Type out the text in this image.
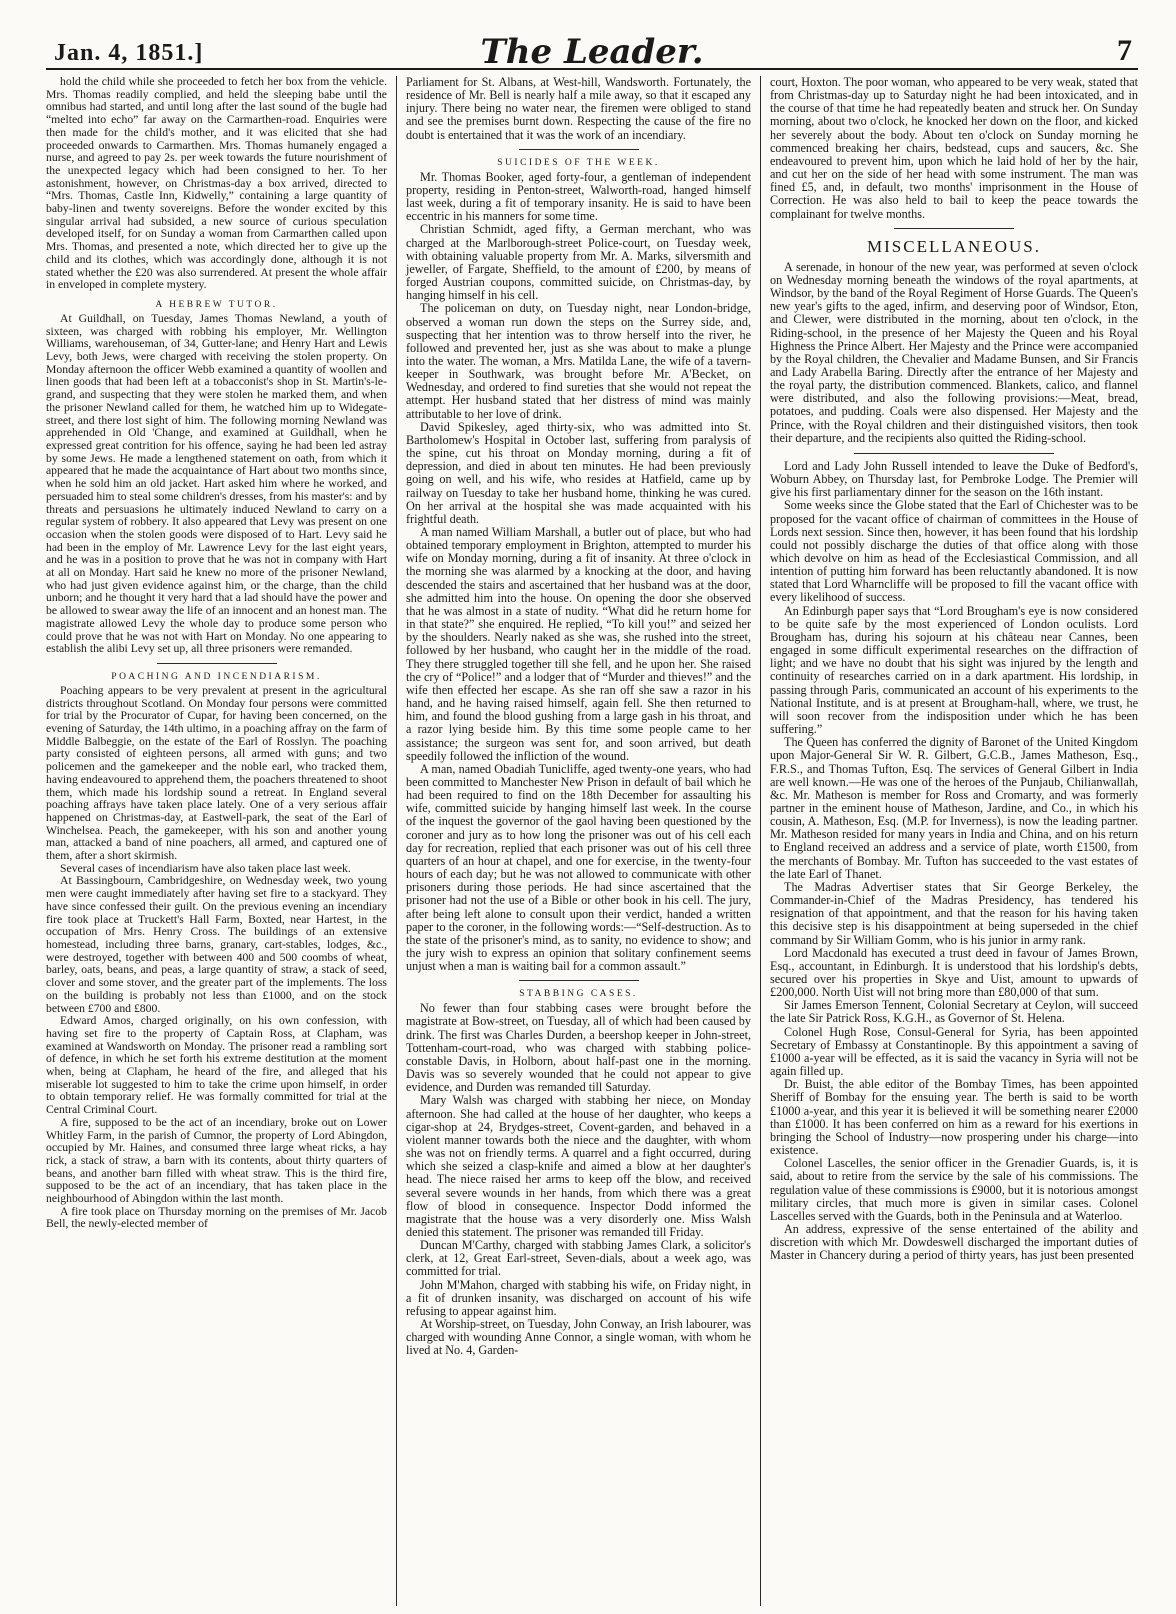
Jan. 4, 1851.]	The Leader.	7

hold the child while she proceeded to fetch her box from the vehicle. Mrs. Thomas readily complied, and held the sleeping babe until the omnibus had started, and until long after the last sound of the bugle had “melted into echo” far away on the Carmarthen-road. Enquiries were then made for the child's mother, and it was elicited that she had proceeded onwards to Carmarthen. Mrs. Thomas humanely engaged a nurse, and agreed to pay 2s. per week towards the future nourishment of the unexpected legacy which had been consigned to her. To her astonishment, however, on Christmas-day a box arrived, directed to “Mrs. Thomas, Castle Inn, Kidwelly,” containing a large quantity of baby-linen and twenty sovereigns. Before the wonder excited by this singular arrival had subsided, a new source of curious speculation developed itself, for on Sunday a woman from Carmarthen called upon Mrs. Thomas, and presented a note, which directed her to give up the child and its clothes, which was accordingly done, although it is not stated whether the £20 was also surrendered. At present the whole affair in enveloped in complete mystery.

A HEBREW TUTOR.

At Guildhall, on Tuesday, James Thomas Newland, a youth of sixteen, was charged with robbing his employer, Mr. Wellington Williams, warehouseman, of 34, Gutter-lane; and Henry Hart and Lewis Levy, both Jews, were charged with receiving the stolen property. On Monday afternoon the officer Webb examined a quantity of woollen and linen goods that had been left at a tobacconist's shop in St. Martin's-le-grand, and suspecting that they were stolen he marked them, and when the prisoner Newland called for them, he watched him up to Widegate-street, and there lost sight of him. The following morning Newland was apprehended in Old 'Change, and examined at Guildhall, when he expressed great contrition for his offence, saying he had been led astray by some Jews. He made a lengthened statement on oath, from which it appeared that he made the acquaintance of Hart about two months since, when he sold him an old jacket. Hart asked him where he worked, and persuaded him to steal some children's dresses, from his master's: and by threats and persuasions he ultimately induced Newland to carry on a regular system of robbery. It also appeared that Levy was present on one occasion when the stolen goods were disposed of to Hart. Levy said he had been in the employ of Mr. Lawrence Levy for the last eight years, and he was in a position to prove that he was not in company with Hart at all on Monday. Hart said he knew no more of the prisoner Newland, who had just given evidence against him, or the charge, than the child unborn; and he thought it very hard that a lad should have the power and be allowed to swear away the life of an innocent and an honest man. The magistrate allowed Levy the whole day to produce some person who could prove that he was not with Hart on Monday. No one appearing to establish the alibi Levy set up, all three prisoners were remanded.

POACHING AND INCENDIARISM.

Poaching appears to be very prevalent at present in the agricultural districts throughout Scotland. On Monday four persons were committed for trial by the Procurator of Cupar, for having been concerned, on the evening of Saturday, the 14th ultimo, in a poaching affray on the farm of Middle Balbeggie, on the estate of the Earl of Rosslyn. The poaching party consisted of eighteen persons, all armed with guns; and two policemen and the gamekeeper and the noble earl, who tracked them, having endeavoured to apprehend them, the poachers threatened to shoot them, which made his lordship sound a retreat. In England several poaching affrays have taken place lately. One of a very serious affair happened on Christmas-day, at Eastwell-park, the seat of the Earl of Winchelsea. Peach, the gamekeeper, with his son and another young man, attacked a band of nine poachers, all armed, and captured one of them, after a short skirmish.

Several cases of incendiarism have also taken place last week.

At Bassingbourn, Cambridgeshire, on Wednesday week, two young men were caught immediately after having set fire to a stackyard. They have since confessed their guilt. On the previous evening an incendiary fire took place at Truckett's Hall Farm, Boxted, near Hartest, in the occupation of Mrs. Henry Cross. The buildings of an extensive homestead, including three barns, granary, cart-stables, lodges, &c., were destroyed, together with between 400 and 500 coombs of wheat, barley, oats, beans, and peas, a large quantity of straw, a stack of seed, clover and some stover, and the greater part of the implements. The loss on the building is probably not less than £1000, and on the stock between £700 and £800.

Edward Amos, charged originally, on his own confession, with having set fire to the property of Captain Ross, at Clapham, was examined at Wandsworth on Monday. The prisoner read a rambling sort of defence, in which he set forth his extreme destitution at the moment when, being at Clapham, he heard of the fire, and alleged that his miserable lot suggested to him to take the crime upon himself, in order to obtain temporary relief. He was formally committed for trial at the Central Criminal Court.

A fire, supposed to be the act of an incendiary, broke out on Lower Whitley Farm, in the parish of Cumnor, the property of Lord Abingdon, occupied by Mr. Haines, and consumed three large wheat ricks, a hay rick, a stack of straw, a barn with its contents, about thirty quarters of beans, and another barn filled with wheat straw. This is the third fire, supposed to be the act of an incendiary, that has taken place in the neighbourhood of Abingdon within the last month.

A fire took place on Thursday morning on the premises of Mr. Jacob Bell, the newly-elected member of

Parliament for St. Albans, at West-hill, Wandsworth. Fortunately, the residence of Mr. Bell is nearly half a mile away, so that it escaped any injury. There being no water near, the firemen were obliged to stand and see the premises burnt down. Respecting the cause of the fire no doubt is entertained that it was the work of an incendiary.

SUICIDES OF THE WEEK.

Mr. Thomas Booker, aged forty-four, a gentleman of independent property, residing in Penton-street, Walworth-road, hanged himself last week, during a fit of temporary insanity. He is said to have been eccentric in his manners for some time.

Christian Schmidt, aged fifty, a German merchant, who was charged at the Marlborough-street Police-court, on Tuesday week, with obtaining valuable property from Mr. A. Marks, silversmith and jeweller, of Fargate, Sheffield, to the amount of £200, by means of forged Austrian coupons, committed suicide, on Christmas-day, by hanging himself in his cell.

The policeman on duty, on Tuesday night, near London-bridge, observed a woman run down the steps on the Surrey side, and, suspecting that her intention was to throw herself into the river, he followed and prevented her, just as she was about to make a plunge into the water. The woman, a Mrs. Matilda Lane, the wife of a tavern-keeper in Southwark, was brought before Mr. A'Becket, on Wednesday, and ordered to find sureties that she would not repeat the attempt. Her husband stated that her distress of mind was mainly attributable to her love of drink.

David Spikesley, aged thirty-six, who was admitted into St. Bartholomew's Hospital in October last, suffering from paralysis of the spine, cut his throat on Monday morning, during a fit of depression, and died in about ten minutes. He had been previously going on well, and his wife, who resides at Hatfield, came up by railway on Tuesday to take her husband home, thinking he was cured. On her arrival at the hospital she was made acquainted with his frightful death.

A man named William Marshall, a butler out of place, but who had obtained temporary employment in Brighton, attempted to murder his wife on Monday morning, during a fit of insanity. At three o'clock in the morning she was alarmed by a knocking at the door, and having descended the stairs and ascertained that her husband was at the door, she admitted him into the house. On opening the door she observed that he was almost in a state of nudity. “What did he return home for in that state?” she enquired. He replied, “To kill you!” and seized her by the shoulders. Nearly naked as she was, she rushed into the street, followed by her husband, who caught her in the middle of the road. They there struggled together till she fell, and he upon her. She raised the cry of “Police!” and a lodger that of “Murder and thieves!” and the wife then effected her escape. As she ran off she saw a razor in his hand, and he having raised himself, again fell. She then returned to him, and found the blood gushing from a large gash in his throat, and a razor lying beside him. By this time some people came to her assistance; the surgeon was sent for, and soon arrived, but death speedily followed the infliction of the wound.

A man, named Obadiah Tunicliffe, aged twenty-one years, who had been committed to Manchester New Prison in default of bail which he had been required to find on the 18th December for assaulting his wife, committed suicide by hanging himself last week. In the course of the inquest the governor of the gaol having been questioned by the coroner and jury as to how long the prisoner was out of his cell each day for recreation, replied that each prisoner was out of his cell three quarters of an hour at chapel, and one for exercise, in the twenty-four hours of each day; but he was not allowed to communicate with other prisoners during those periods. He had since ascertained that the prisoner had not the use of a Bible or other book in his cell. The jury, after being left alone to consult upon their verdict, handed a written paper to the coroner, in the following words:—“Self-destruction. As to the state of the prisoner's mind, as to sanity, no evidence to show; and the jury wish to express an opinion that solitary confinement seems unjust when a man is waiting bail for a common assault.”

STABBING CASES.

No fewer than four stabbing cases were brought before the magistrate at Bow-street, on Tuesday, all of which had been caused by drink. The first was Charles Durden, a beershop keeper in John-street, Tottenham-court-road, who was charged with stabbing police-constable Davis, in Holborn, about half-past one in the morning. Davis was so severely wounded that he could not appear to give evidence, and Durden was remanded till Saturday.

Mary Walsh was charged with stabbing her niece, on Monday afternoon. She had called at the house of her daughter, who keeps a cigar-shop at 24, Brydges-street, Covent-garden, and behaved in a violent manner towards both the niece and the daughter, with whom she was not on friendly terms. A quarrel and a fight occurred, during which she seized a clasp-knife and aimed a blow at her daughter's head. The niece raised her arms to keep off the blow, and received several severe wounds in her hands, from which there was a great flow of blood in consequence. Inspector Dodd informed the magistrate that the house was a very disorderly one. Miss Walsh denied this statement. The prisoner was remanded till Friday.

Duncan M'Carthy, charged with stabbing James Clark, a solicitor's clerk, at 12, Great Earl-street, Seven-dials, about a week ago, was committed for trial.

John M'Mahon, charged with stabbing his wife, on Friday night, in a fit of drunken insanity, was discharged on account of his wife refusing to appear against him.

At Worship-street, on Tuesday, John Conway, an Irish labourer, was charged with wounding Anne Connor, a single woman, with whom he lived at No. 4, Garden-

court, Hoxton. The poor woman, who appeared to be very weak, stated that from Christmas-day up to Saturday night he had been intoxicated, and in the course of that time he had repeatedly beaten and struck her. On Sunday morning, about two o'clock, he knocked her down on the floor, and kicked her severely about the body. About ten o'clock on Sunday morning he commenced breaking her chairs, bedstead, cups and saucers, &c. She endeavoured to prevent him, upon which he laid hold of her by the hair, and cut her on the side of her head with some instrument. The man was fined £5, and, in default, two months' imprisonment in the House of Correction. He was also held to bail to keep the peace towards the complainant for twelve months.

MISCELLANEOUS.

A serenade, in honour of the new year, was performed at seven o'clock on Wednesday morning beneath the windows of the royal apartments, at Windsor, by the band of the Royal Regiment of Horse Guards. The Queen's new year's gifts to the aged, infirm, and deserving poor of Windsor, Eton, and Clewer, were distributed in the morning, about ten o'clock, in the Riding-school, in the presence of her Majesty the Queen and his Royal Highness the Prince Albert. Her Majesty and the Prince were accompanied by the Royal children, the Chevalier and Madame Bunsen, and Sir Francis and Lady Arabella Baring. Directly after the entrance of her Majesty and the royal party, the distribution commenced. Blankets, calico, and flannel were distributed, and also the following provisions:—Meat, bread, potatoes, and pudding. Coals were also dispensed. Her Majesty and the Prince, with the Royal children and their distinguished visitors, then took their departure, and the recipients also quitted the Riding-school.

Lord and Lady John Russell intended to leave the Duke of Bedford's, Woburn Abbey, on Thursday last, for Pembroke Lodge. The Premier will give his first parliamentary dinner for the season on the 16th instant.

Some weeks since the Globe stated that the Earl of Chichester was to be proposed for the vacant office of chairman of committees in the House of Lords next session. Since then, however, it has been found that his lordship could not possibly discharge the duties of that office along with those which devolve on him as head of the Ecclesiastical Commission, and all intention of putting him forward has been reluctantly abandoned. It is now stated that Lord Wharncliffe will be proposed to fill the vacant office with every likelihood of success.

An Edinburgh paper says that “Lord Brougham's eye is now considered to be quite safe by the most experienced of London oculists. Lord Brougham has, during his sojourn at his château near Cannes, been engaged in some difficult experimental researches on the diffraction of light; and we have no doubt that his sight was injured by the length and continuity of researches carried on in a dark apartment. His lordship, in passing through Paris, communicated an account of his experiments to the National Institute, and is at present at Brougham-hall, where, we trust, he will soon recover from the indisposition under which he has been suffering.”

The Queen has conferred the dignity of Baronet of the United Kingdom upon Major-General Sir W. R. Gilbert, G.C.B., James Matheson, Esq., F.R.S., and Thomas Tufton, Esq. The services of General Gilbert in India are well known.—He was one of the heroes of the Punjaub, Chilianwallah, &c. Mr. Matheson is member for Ross and Cromarty, and was formerly partner in the eminent house of Matheson, Jardine, and Co., in which his cousin, A. Matheson, Esq. (M.P. for Inverness), is now the leading partner. Mr. Matheson resided for many years in India and China, and on his return to England received an address and a service of plate, worth £1500, from the merchants of Bombay. Mr. Tufton has succeeded to the vast estates of the late Earl of Thanet.

The Madras Advertiser states that Sir George Berkeley, the Commander-in-Chief of the Madras Presidency, has tendered his resignation of that appointment, and that the reason for his having taken this decisive step is his disappointment at being superseded in the chief command by Sir William Gomm, who is his junior in army rank.

Lord Macdonald has executed a trust deed in favour of James Brown, Esq., accountant, in Edinburgh. It is understood that his lordship's debts, secured over his properties in Skye and Uist, amount to upwards of £200,000. North Uist will not bring more than £80,000 of that sum.

Sir James Emerson Tennent, Colonial Secretary at Ceylon, will succeed the late Sir Patrick Ross, K.G.H., as Governor of St. Helena.

Colonel Hugh Rose, Consul-General for Syria, has been appointed Secretary of Embassy at Constantinople. By this appointment a saving of £1000 a-year will be effected, as it is said the vacancy in Syria will not be again filled up.

Dr. Buist, the able editor of the Bombay Times, has been appointed Sheriff of Bombay for the ensuing year. The berth is said to be worth £1000 a-year, and this year it is believed it will be something nearer £2000 than £1000. It has been conferred on him as a reward for his exertions in bringing the School of Industry—now prospering under his charge—into existence.

Colonel Lascelles, the senior officer in the Grenadier Guards, is, it is said, about to retire from the service by the sale of his commissions. The regulation value of these commissions is £9000, but it is notorious amongst military circles, that much more is given in similar cases. Colonel Lascelles served with the Guards, both in the Peninsula and at Waterloo.

An address, expressive of the sense entertained of the ability and discretion with which Mr. Dowdeswell discharged the important duties of Master in Chancery during a period of thirty years, has just been presented
